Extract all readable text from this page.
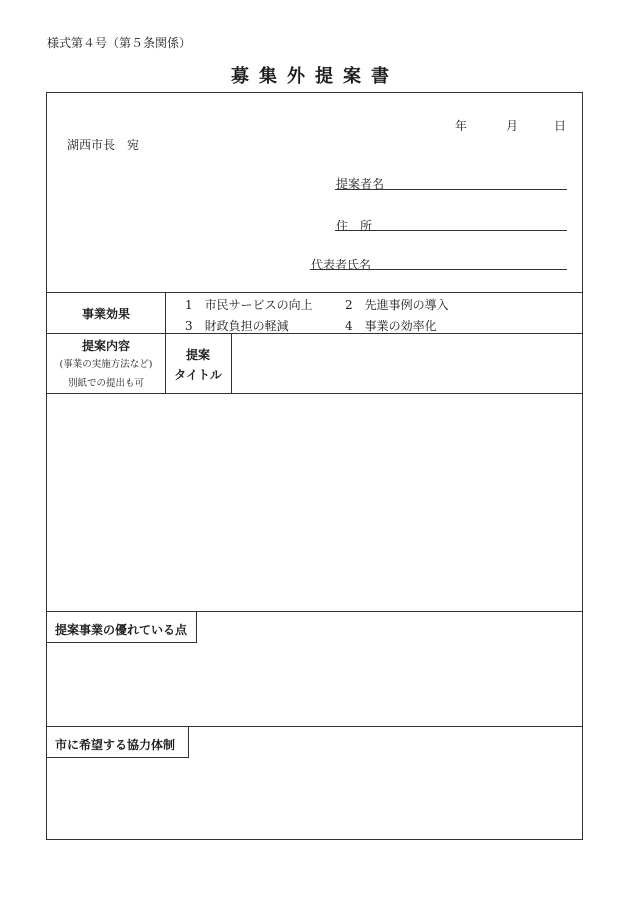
様式第４号（第５条関係）
募集外提案書
年	月	日
湖西市長　宛
提案者名
住　所
代表者氏名
事業効果
1　市民サービスの向上	2　先進事例の導入
3　財政負担の軽減	4　事業の効率化
提案内容
(事業の実施方法など)
別紙での提出も可
提案
タイトル
提案事業の優れている点
市に希望する協力体制
